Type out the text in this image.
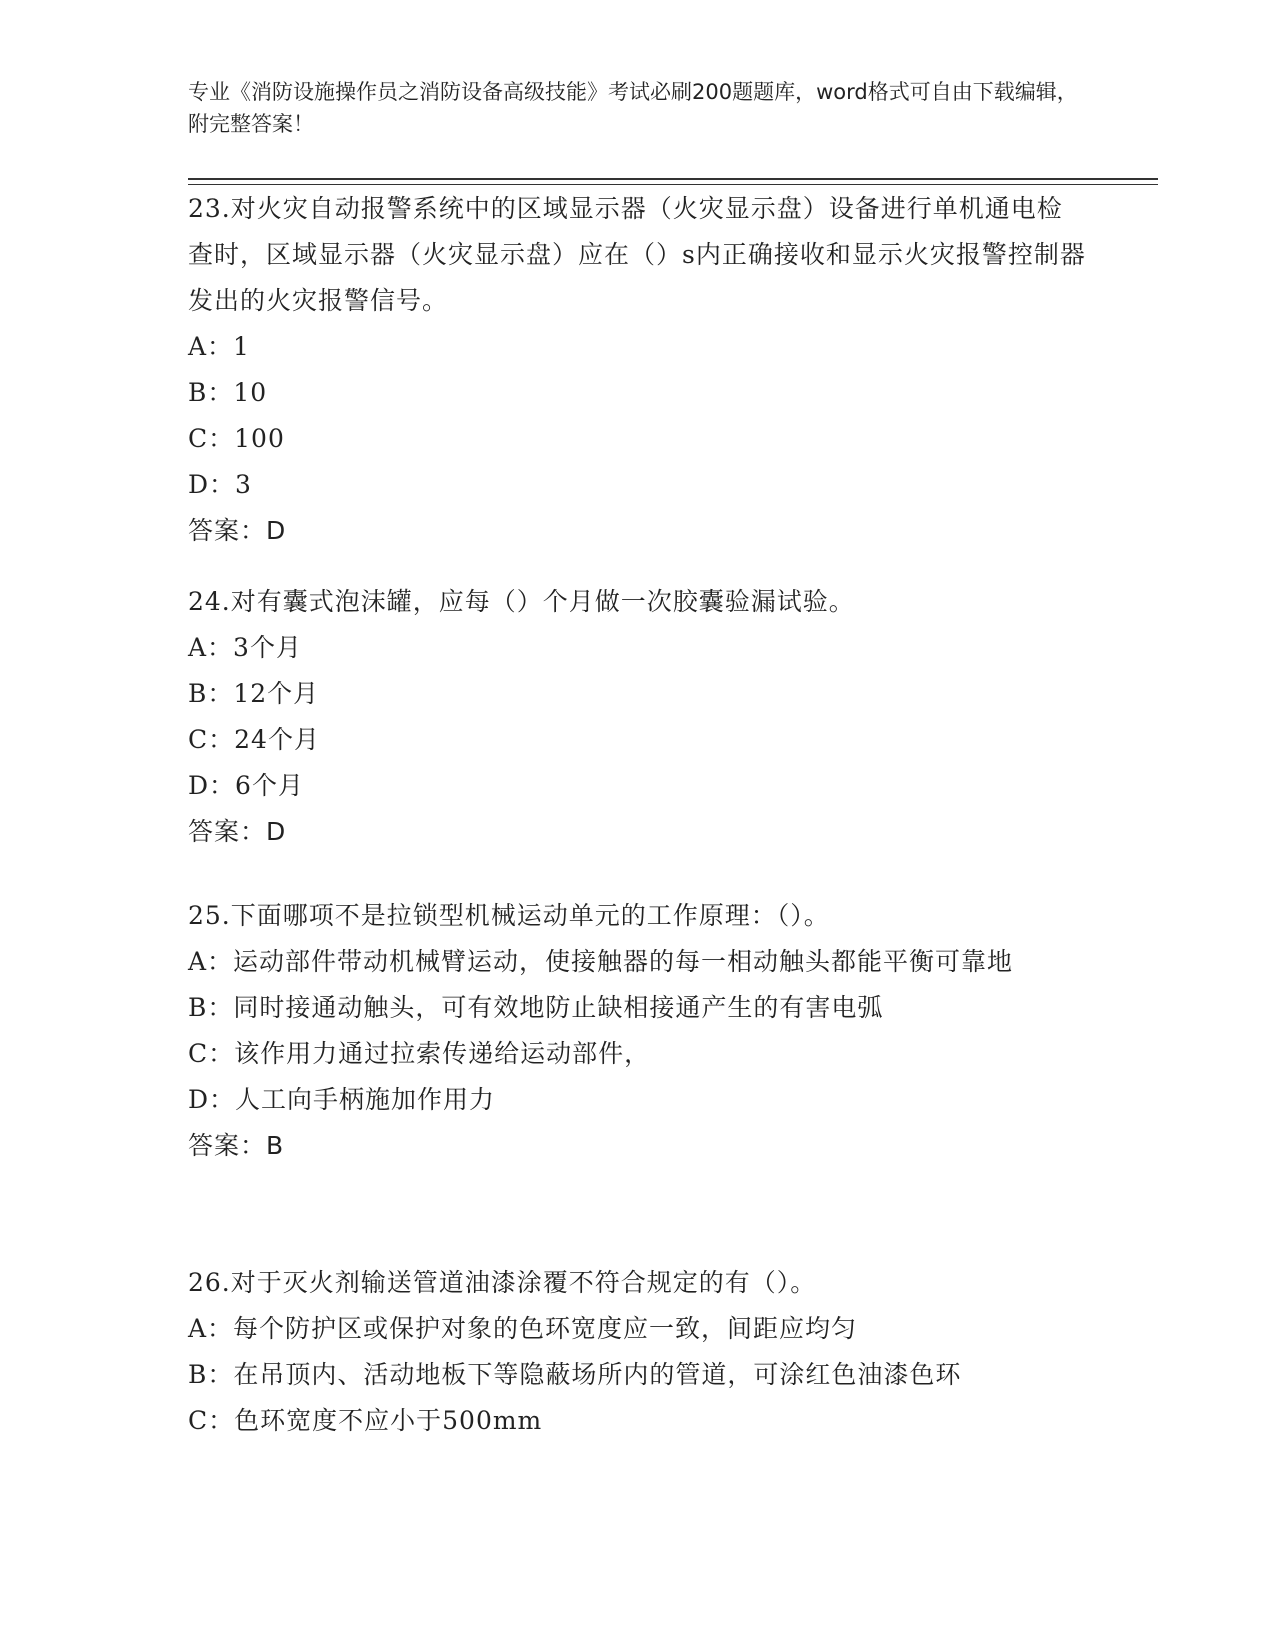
专业《消防设施操作员之消防设备高级技能》考试必刷200题题库，word格式可自由下载编辑，附完整答案！

23.对火灾自动报警系统中的区域显示器（火灾显示盘）设备进行单机通电检查时，区域显示器（火灾显示盘）应在（）s内正确接收和显示火灾报警控制器发出的火灾报警信号。

A：1

B：10

C：100

D：3

答案：D

24.对有囊式泡沫罐，应每（）个月做一次胶囊验漏试验。

A：3个月

B：12个月

C：24个月

D：6个月

答案：D

25.下面哪项不是拉锁型机械运动单元的工作原理：（）。

A：运动部件带动机械臂运动，使接触器的每一相动触头都能平衡可靠地

B：同时接通动触头，可有效地防止缺相接通产生的有害电弧

C：该作用力通过拉索传递给运动部件，

D：人工向手柄施加作用力

答案：B

26.对于灭火剂输送管道油漆涂覆不符合规定的有（）。

A：每个防护区或保护对象的色环宽度应一致，间距应均匀

B：在吊顶内、活动地板下等隐蔽场所内的管道，可涂红色油漆色环

C：色环宽度不应小于500mm
